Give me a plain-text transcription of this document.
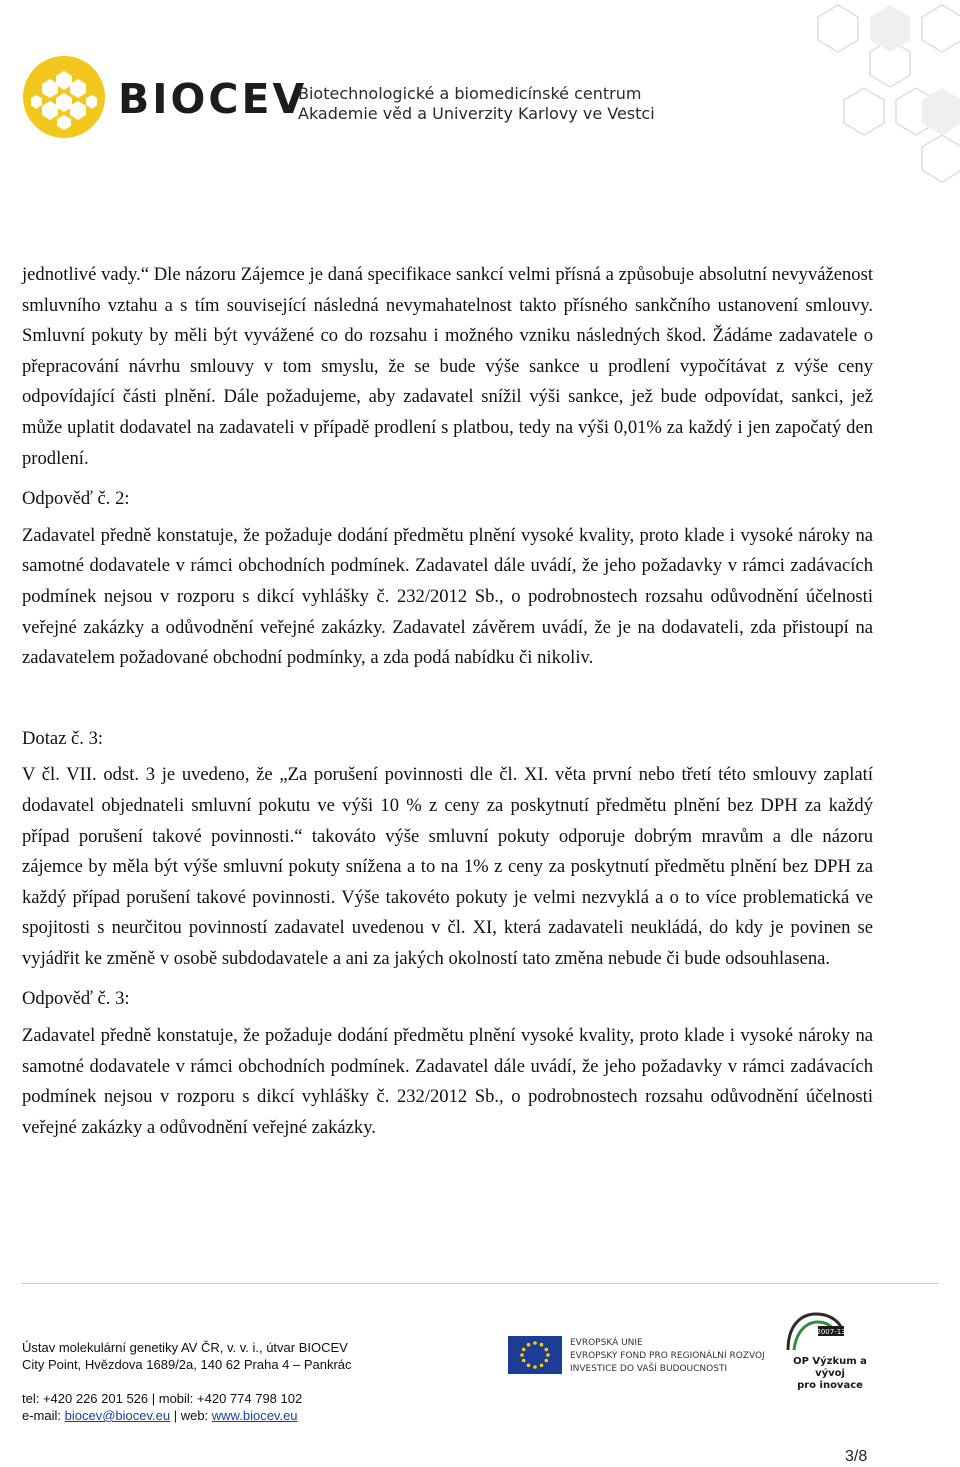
BIOCEV
Biotechnologické a biomedicínské centrum
Akademie věd a Univerzity Karlovy ve Vestci

jednotlivé vady.“ Dle názoru Zájemce je daná specifikace sankcí velmi přísná a způsobuje absolutní nevyváženost smluvního vztahu a s tím související následná nevymahatelnost takto přísného sankčního ustanovení smlouvy. Smluvní pokuty by měli být vyvážené co do rozsahu i možného vzniku následných škod. Žádáme zadavatele o přepracování návrhu smlouvy v tom smyslu, že se bude výše sankce u prodlení vypočítávat z výše ceny odpovídající části plnění. Dále požadujeme, aby zadavatel snížil výši sankce, jež bude odpovídat, sankci, jež může uplatit dodavatel na zadavateli v případě prodlení s platbou, tedy na výši 0,01% za každý i jen započatý den prodlení.

Odpověď č. 2:

Zadavatel předně konstatuje, že požaduje dodání předmětu plnění vysoké kvality, proto klade i vysoké nároky na samotné dodavatele v rámci obchodních podmínek. Zadavatel dále uvádí, že jeho požadavky v rámci zadávacích podmínek nejsou v rozporu s dikcí vyhlášky č. 232/2012 Sb., o podrobnostech rozsahu odůvodnění účelnosti veřejné zakázky a odůvodnění veřejné zakázky. Zadavatel závěrem uvádí, že je na dodavateli, zda přistoupí na zadavatelem požadované obchodní podmínky, a zda podá nabídku či nikoliv.

Dotaz č. 3:

V čl. VII. odst. 3 je uvedeno, že „Za porušení povinnosti dle čl. XI. věta první nebo třetí této smlouvy zaplatí dodavatel objednateli smluvní pokutu ve výši 10 % z ceny za poskytnutí předmětu plnění bez DPH za každý případ porušení takové povinnosti.“ takováto výše smluvní pokuty odporuje dobrým mravům a dle názoru zájemce by měla být výše smluvní pokuty snížena a to na 1% z ceny za poskytnutí předmětu plnění bez DPH za každý případ porušení takové povinnosti. Výše takovéto pokuty je velmi nezvyklá a o to více problematická ve spojitosti s neurčitou povinností zadavatel uvedenou v čl. XI, která zadavateli neukládá, do kdy je povinen se vyjádřit ke změně v osobě subdodavatele a ani za jakých okolností tato změna nebude či bude odsouhlasena.

Odpověď č. 3:

Zadavatel předně konstatuje, že požaduje dodání předmětu plnění vysoké kvality, proto klade i vysoké nároky na samotné dodavatele v rámci obchodních podmínek. Zadavatel dále uvádí, že jeho požadavky v rámci zadávacích podmínek nejsou v rozporu s dikcí vyhlášky č. 232/2012 Sb., o podrobnostech rozsahu odůvodnění účelnosti veřejné zakázky a odůvodnění veřejné zakázky.

Ústav molekulární genetiky AV ČR, v. v. i., útvar BIOCEV
City Point, Hvězdova 1689/2a, 140 62 Praha 4 – Pankrác
tel: +420 226 201 526 | mobil: +420 774 798 102
e-mail: biocev@biocev.eu | web: www.biocev.eu
EVROPSKÁ UNIE
EVROPSKÝ FOND PRO REGIONÁLNÍ ROZVOJ
INVESTICE DO VAŠÍ BUDOUCNOSTI
2007-13
OP Výzkum a vývoj
pro inovace
3/8
